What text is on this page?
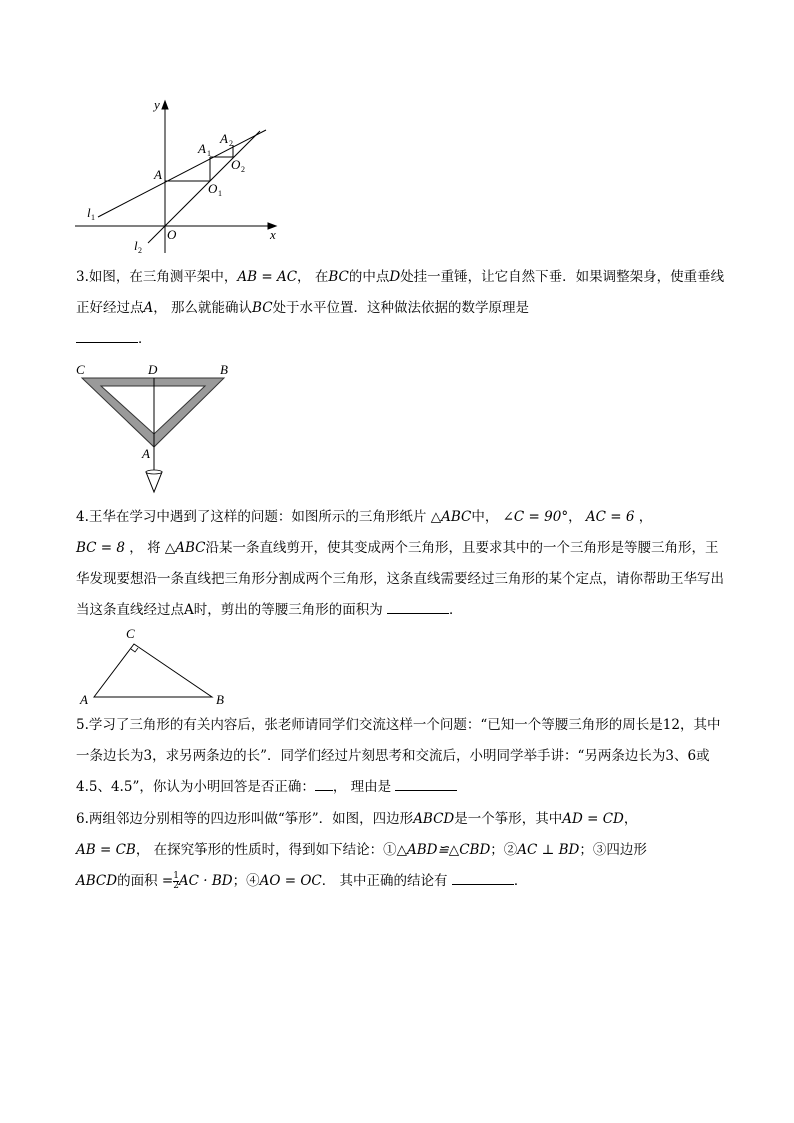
y
x
O
A
A 1
A 2
O 1
O 2
l 1
l 2

3.如图，在三角测平架中，AB = AC， 在BC的中点D处挂一重锤，让它自然下垂．如果调整架身，使重垂线正好经过点A， 那么就能确认BC处于水平位置．这种做法依据的数学原理是
．

C	D	B
A

4.王华在学习中遇到了这样的问题：如图所示的三角形纸片 △ABC中， ∠C = 90°， AC = 6 ，
BC = 8 ， 将 △ABC沿某一条直线剪开，使其变成两个三角形，且要求其中的一个三角形是等腰三角形，王华发现要想沿一条直线把三角形分割成两个三角形，这条直线需要经过三角形的某个定点，请你帮助王华写出当这条直线经过点A时，剪出的等腰三角形的面积为	．

C
A	B

5.学习了三角形的有关内容后，张老师请同学们交流这样一个问题：“已知一个等腰三角形的周长是12，其中一条边长为3，求另两条边的长”．同学们经过片刻思考和交流后，小明同学举手讲：“另两条边长为3、6或4.5、4.5”，你认为小明回答是否正确： ， 理由是

6.两组邻边分别相等的四边形叫做“筝形”．如图，四边形ABCD是一个筝形，其中AD = CD，
AB = CB， 在探究筝形的性质时，得到如下结论：①△ABD≌△CBD；②AC ⊥ BD；③四边形
ABCD的面积 = $\frac{1}{2}$ AC · BD；④AO = OC． 其中正确的结论有	．
